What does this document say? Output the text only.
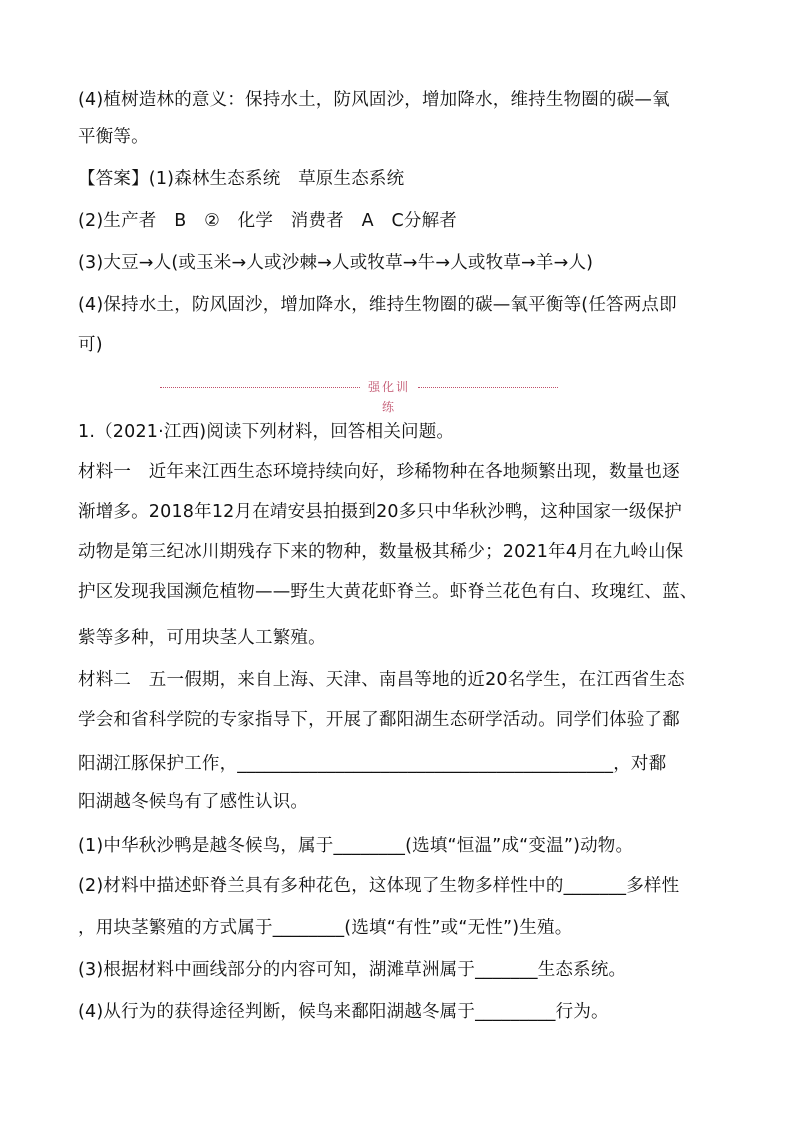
(4)植树造林的意义：保持水土，防风固沙，增加降水，维持生物圈的碳—氧
平衡等。
【答案】(1)森林生态系统　草原生态系统
(2)生产者　B　②　化学　消费者　A　C分解者
(3)大豆→人(或玉米→人或沙棘→人或牧草→牛→人或牧草→羊→人)
(4)保持水土，防风固沙，增加降水，维持生物圈的碳—氧平衡等(任答两点即
可)
1.（2021·江西)阅读下列材料，回答相关问题。
材料一　近年来江西生态环境持续向好，珍稀物种在各地频繁出现，数量也逐
渐增多。2018年12月在靖安县拍摄到20多只中华秋沙鸭，这种国家一级保护
动物是第三纪冰川期残存下来的物种，数量极其稀少；2021年4月在九岭山保
护区发现我国濒危植物——野生大黄花虾脊兰。虾脊兰花色有白、玫瑰红、蓝、
紫等多种，可用块茎人工繁殖。
材料二　五一假期，来自上海、天津、南昌等地的近20名学生，在江西省生态
学会和省科学院的专家指导下，开展了鄱阳湖生态研学活动。同学们体验了鄱
阳湖江豚保护工作，__________________________________________，对鄱
阳湖越冬候鸟有了感性认识。
(1)中华秋沙鸭是越冬候鸟，属于________(选填“恒温”成“变温”)动物。
(2)材料中描述虾脊兰具有多种花色，这体现了生物多样性中的_______多样性
，用块茎繁殖的方式属于________(选填“有性”或“无性”)生殖。
(3)根据材料中画线部分的内容可知，湖滩草洲属于_______生态系统。
(4)从行为的获得途径判断，候鸟来鄱阳湖越冬属于_________行为。
强化训练
